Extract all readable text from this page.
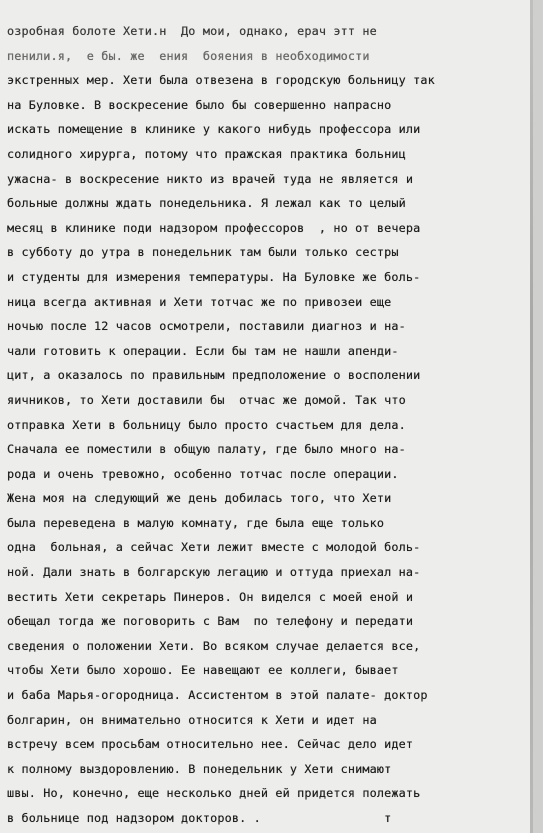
озробная болоте Хети.н  До мои, однако, ерач этт не
пенили.я,  е бы. же  ения  бояения в необходимости
экстренных мер. Хети была отвезена в городскую больницу так
на Буловке. В воскресение было бы совершенно напрасно
искать помещение в клинике у какого нибудь профессора или
солидного хирурга, потому что пражская практика больниц
ужасна- в воскресение никто из врачей туда не является и
больные должны ждать понедельника. Я лежал как то целый
месяц в клинике поди надзором профессоров  , но от вечера
в субботу до утра в понедельник там были только сестры
и студенты для измерения температуры. На Буловке же боль-
ница всегда активная и Хети тотчас же по привозеи еще
ночью после 12 часов осмотрели, поставили диагноз и на-
чали готовить к операции. Если бы там не нашли апенди-
цит, а оказалось по правильным предположение о восполении
яичников, то Хети доставили бы  отчас же домой. Так что
отправка Хети в больницу было просто счастьем для дела.
Сначала ее поместили в общую палату, где было много на-
рода и очень тревожно, особенно тотчас после операции.
Жена моя на следующий же день добилась того, что Хети
была переведена в малую комнату, где была еще только
одна  больная, а сейчас Хети лежит вместе с молодой боль-
ной. Дали знать в болгарскую легацию и оттуда приехал на-
вестить Хети секретарь Пинеров. Он виделся с моей еной и
обещал тогда же поговорить с Вам  по телефону и передати
сведения о положении Хети. Во всяком случае делается все,
чтобы Хети было хорошо. Ее навещают ее коллеги, бывает
и баба Марья-огородница. Ассистентом в этой палате- доктор
болгарин, он внимательно относится к Хети и идет на
встречу всем просьбам относительно нее. Сейчас дело идет
к полному выздоровлению. В понедельник у Хети снимают
швы. Но, конечно, еще несколько дней ей придется полежать
в больнице под надзором докторов. .                 т
